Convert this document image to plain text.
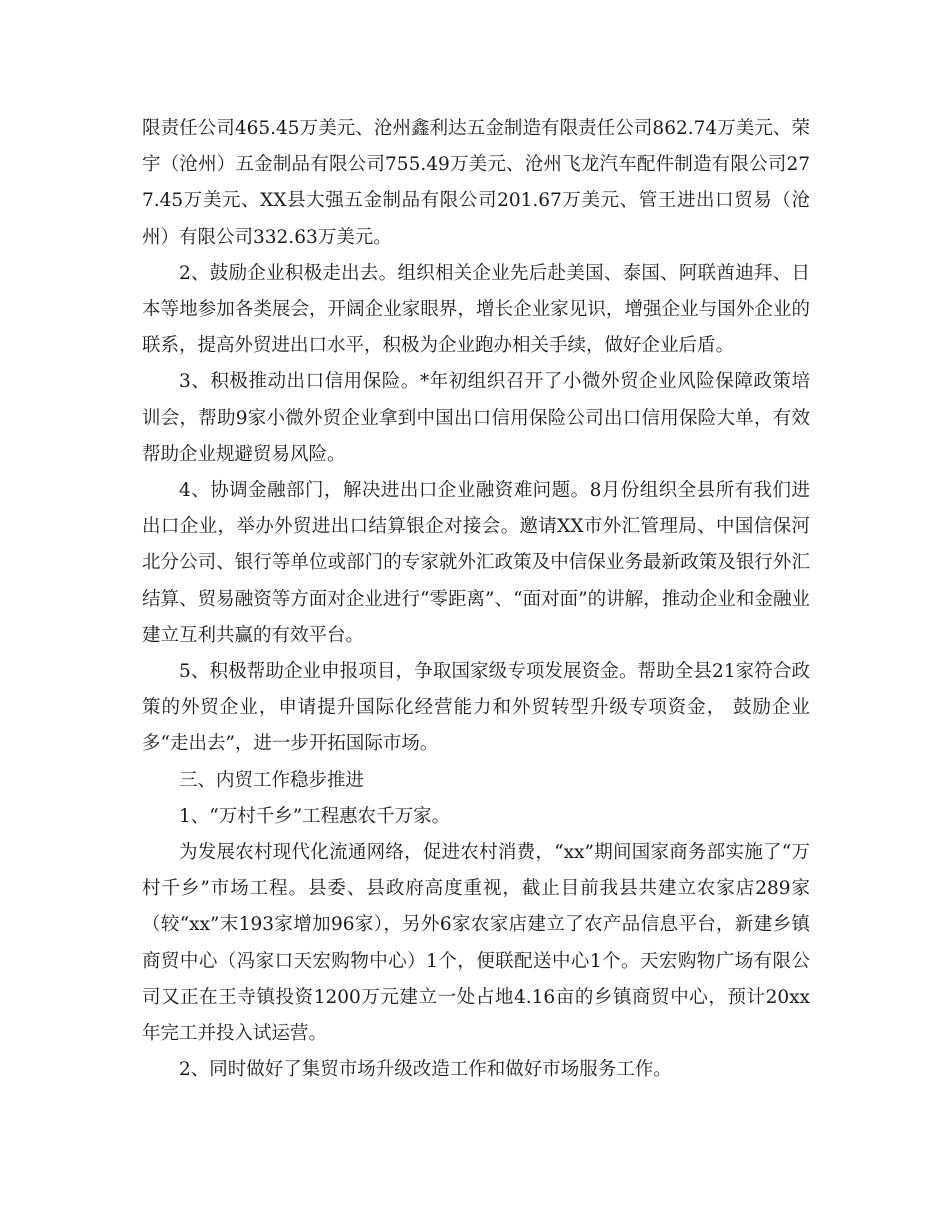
限责任公司465.45万美元、沧州鑫利达五金制造有限责任公司862.74万美元、荣宇（沧州）五金制品有限公司755.49万美元、沧州飞龙汽车配件制造有限公司277.45万美元、XX县大强五金制品有限公司201.67万美元、管王进出口贸易（沧州）有限公司332.63万美元。

2、鼓励企业积极走出去。组织相关企业先后赴美国、泰国、阿联酋迪拜、日本等地参加各类展会，开阔企业家眼界，增长企业家见识，增强企业与国外企业的联系，提高外贸进出口水平，积极为企业跑办相关手续，做好企业后盾。

3、积极推动出口信用保险。*年初组织召开了小微外贸企业风险保障政策培训会，帮助9家小微外贸企业拿到中国出口信用保险公司出口信用保险大单，有效帮助企业规避贸易风险。

4、协调金融部门，解决进出口企业融资难问题。8月份组织全县所有我们进出口企业，举办外贸进出口结算银企对接会。邀请XX市外汇管理局、中国信保河北分公司、银行等单位或部门的专家就外汇政策及中信保业务最新政策及银行外汇结算、贸易融资等方面对企业进行“零距离”、“面对面”的讲解，推动企业和金融业建立互利共赢的有效平台。

5、积极帮助企业申报项目，争取国家级专项发展资金。帮助全县21家符合政策的外贸企业，申请提升国际化经营能力和外贸转型升级专项资金， 鼓励企业多“走出去”，进一步开拓国际市场。

三、内贸工作稳步推进

1、“万村千乡”工程惠农千万家。

为发展农村现代化流通网络，促进农村消费，“xx”期间国家商务部实施了“万村千乡”市场工程。县委、县政府高度重视，截止目前我县共建立农家店289家（较“xx”末193家增加96家），另外6家农家店建立了农产品信息平台，新建乡镇商贸中心（冯家口天宏购物中心）1个，便联配送中心1个。天宏购物广场有限公司又正在王寺镇投资1200万元建立一处占地4.16亩的乡镇商贸中心，预计20xx年完工并投入试运营。

2、同时做好了集贸市场升级改造工作和做好市场服务工作。
